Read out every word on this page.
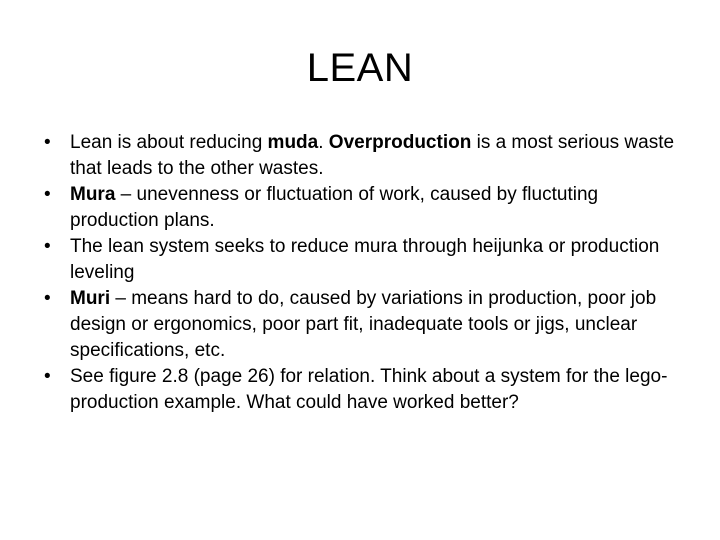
LEAN
• Lean is about reducing muda. Overproduction is a most serious waste that leads to the other wastes.
• Mura – unevenness or fluctuation of work, caused by fluctuting production plans.
• The lean system seeks to reduce mura through heijunka or production leveling
• Muri – means hard to do, caused by variations in production, poor job design or ergonomics, poor part fit, inadequate tools or jigs, unclear specifications, etc.
• See figure 2.8 (page 26) for relation. Think about a system for the lego-production example. What could have worked better?
